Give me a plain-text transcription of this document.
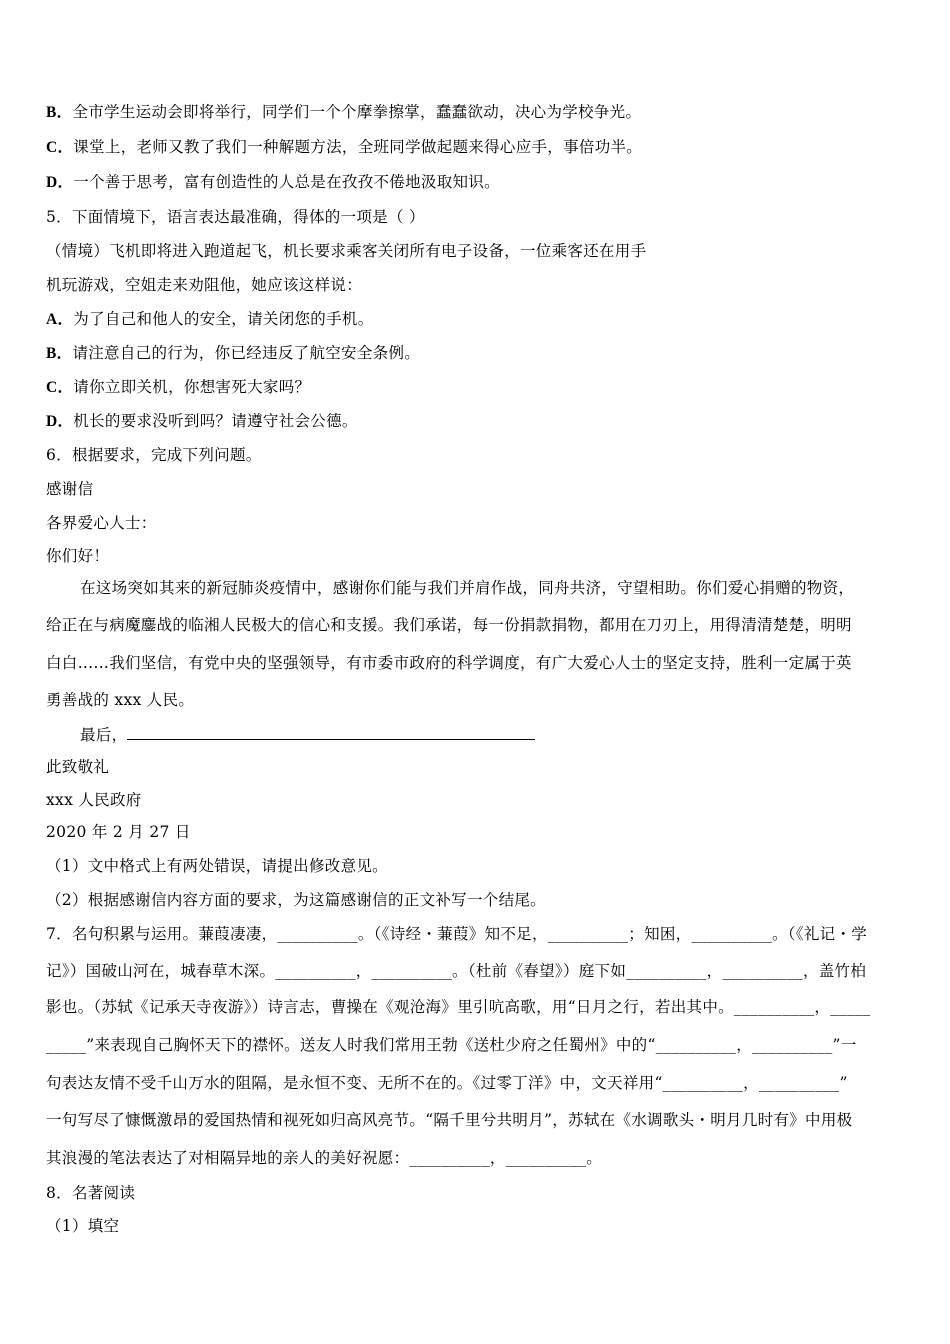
B．全市学生运动会即将举行，同学们一个个摩拳擦掌，蠢蠢欲动，决心为学校争光。
C．课堂上，老师又教了我们一种解题方法，全班同学做起题来得心应手，事倍功半。
D．一个善于思考，富有创造性的人总是在孜孜不倦地汲取知识。
5．下面情境下，语言表达最准确，得体的一项是（ ）
（情境）飞机即将进入跑道起飞，机长要求乘客关闭所有电子设备，一位乘客还在用手
机玩游戏，空姐走来劝阻他，她应该这样说：
A．为了自己和他人的安全，请关闭您的手机。
B．请注意自己的行为，你已经违反了航空安全条例。
C．请你立即关机，你想害死大家吗？
D．机长的要求没听到吗？请遵守社会公德。
6．根据要求，完成下列问题。
感谢信
各界爱心人士：
你们好！
在这场突如其来的新冠肺炎疫情中，感谢你们能与我们并肩作战，同舟共济，守望相助。你们爱心捐赠的物资，
给正在与病魔鏖战的临湘人民极大的信心和支援。我们承诺，每一份捐款捐物，都用在刀刃上，用得清清楚楚，明明
白白……我们坚信，有党中央的坚强领导，有市委市政府的科学调度，有广大爱心人士的坚定支持，胜利一定属于英
勇善战的 xxx 人民。
最后，
此致敬礼
xxx 人民政府
2020 年 2 月 27 日
（1）文中格式上有两处错误，请提出修改意见。
（2）根据感谢信内容方面的要求，为这篇感谢信的正文补写一个结尾。
7．名句积累与运用。蒹葭凄凄，__________。（《诗经・蒹葭》知不足，__________；知困，__________。（《礼记・学
记》）国破山河在，城春草木深。__________，__________。（杜前《春望》）庭下如__________，__________，盖竹柏
影也。（苏轼《记承天寺夜游》）诗言志，曹操在《观沧海》里引吭高歌，用“日月之行，若出其中。__________，_____
_____”来表现自己胸怀天下的襟怀。送友人时我们常用王勃《送杜少府之任蜀州》中的“__________，__________”一
句表达友情不受千山万水的阻隔，是永恒不变、无所不在的。《过零丁洋》中，文天祥用“__________，__________”
一句写尽了慷慨激昂的爱国热情和视死如归高风亮节。“隔千里兮共明月”，苏轼在《水调歌头・明月几时有》中用极
其浪漫的笔法表达了对相隔异地的亲人的美好祝愿：__________，__________。
8．名著阅读
（1）填空
